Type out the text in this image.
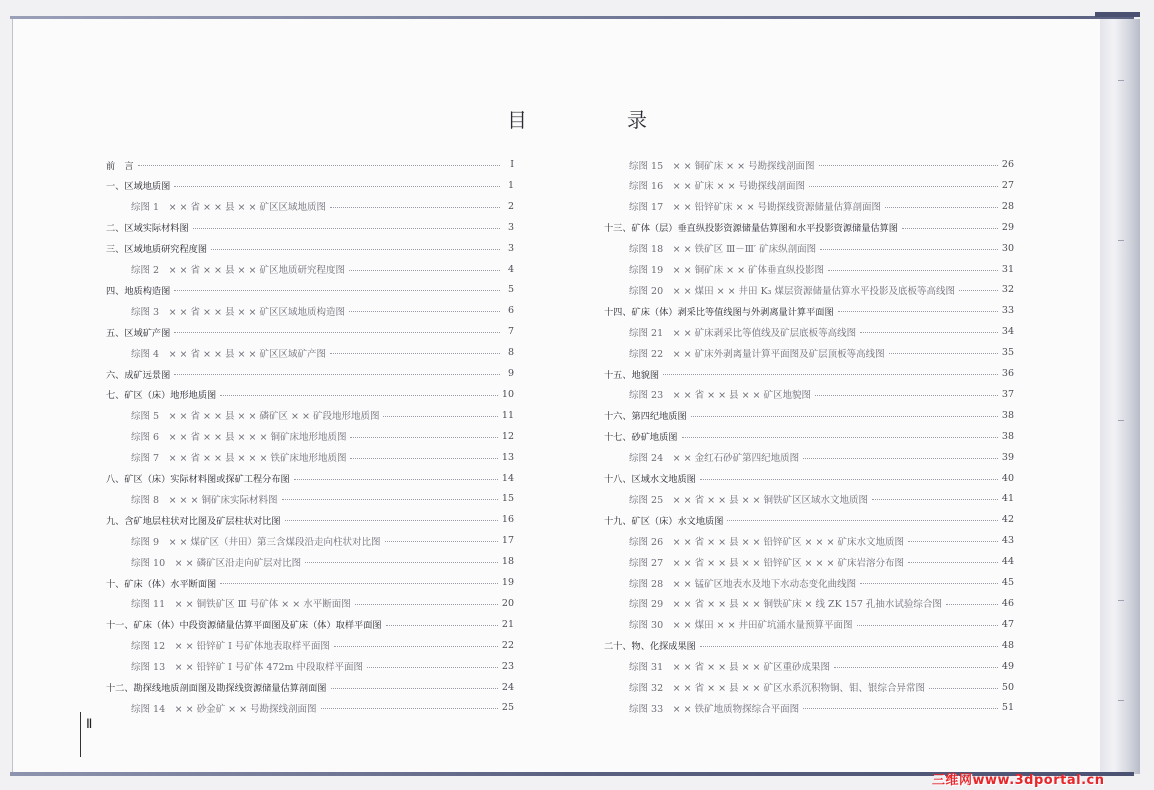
目　录
前　言	Ⅰ
一、区域地质图	1
综图 1　× × 省 × × 县 × × 矿区区域地质图	2
二、区域实际材料图	3
三、区域地质研究程度图	3
综图 2　× × 省 × × 县 × × 矿区地质研究程度图	4
四、地质构造图	5
综图 3　× × 省 × × 县 × × 矿区区域地质构造图	6
五、区域矿产图	7
综图 4　× × 省 × × 县 × × 矿区区域矿产图	8
六、成矿远景图	9
七、矿区（床）地形地质图	10
综图 5　× × 省 × × 县 × × 磷矿区 × × 矿段地形地质图	11
综图 6　× × 省 × × 县 × × × 铜矿床地形地质图	12
综图 7　× × 省 × × 县 × × × 铁矿床地形地质图	13
八、矿区（床）实际材料图或探矿工程分布图	14
综图 8　× × × 铜矿床实际材料图	15
九、含矿地层柱状对比图及矿层柱状对比图	16
综图 9　× × 煤矿区（井田）第三含煤段沿走向柱状对比图	17
综图 10　× × 磷矿区沿走向矿层对比图	18
十、矿床（体）水平断面图	19
综图 11　× × 铜铁矿区 Ⅲ 号矿体 × × 水平断面图	20
十一、矿床（体）中段资源储量估算平面图及矿床（体）取样平面图	21
综图 12　× × 铅锌矿 Ⅰ 号矿体地表取样平面图	22
综图 13　× × 铅锌矿 Ⅰ 号矿体 472m 中段取样平面图	23
十二、勘探线地质剖面图及勘探线资源储量估算剖面图	24
综图 14　× × 砂金矿 × × 号勘探线剖面图	25
综图 15　× × 铜矿床 × × 号勘探线剖面图	26
综图 16　× × 矿床 × × 号勘探线剖面图	27
综图 17　× × 铅锌矿床 × × 号勘探线资源储量估算剖面图	28
十三、矿体（层）垂直纵投影资源储量估算图和水平投影资源储量估算图	29
综图 18　× × 铁矿区 Ⅲ－Ⅲ′ 矿床纵剖面图	30
综图 19　× × 铜矿床 × × 矿体垂直纵投影图	31
综图 20　× × 煤田 × × 井田 K₃ 煤层资源储量估算水平投影及底板等高线图	32
十四、矿床（体）剥采比等值线图与外剥离量计算平面图	33
综图 21　× × 矿床剥采比等值线及矿层底板等高线图	34
综图 22　× × 矿床外剥离量计算平面图及矿层顶板等高线图	35
十五、地貌图	36
综图 23　× × 省 × × 县 × × 矿区地貌图	37
十六、第四纪地质图	38
十七、砂矿地质图	38
综图 24　× × 金红石砂矿第四纪地质图	39
十八、区域水文地质图	40
综图 25　× × 省 × × 县 × × 铜铁矿区区域水文地质图	41
十九、矿区（床）水文地质图	42
综图 26　× × 省 × × 县 × × 铅锌矿区 × × × 矿床水文地质图	43
综图 27　× × 省 × × 县 × × 铅锌矿区 × × × 矿床岩溶分布图	44
综图 28　× × 锰矿区地表水及地下水动态变化曲线图	45
综图 29　× × 省 × × 县 × × 铜铁矿床 × 线 ZK 157 孔抽水试验综合图	46
综图 30　× × 煤田 × × 井田矿坑涌水量预算平面图	47
二十、物、化探成果图	48
综图 31　× × 省 × × 县 × × 矿区重砂成果图	49
综图 32　× × 省 × × 县 × × 矿区水系沉积物铜、钼、银综合异常图	50
综图 33　× × 铁矿地质物探综合平面图	51
Ⅱ
三维网www.3dportal.cn
